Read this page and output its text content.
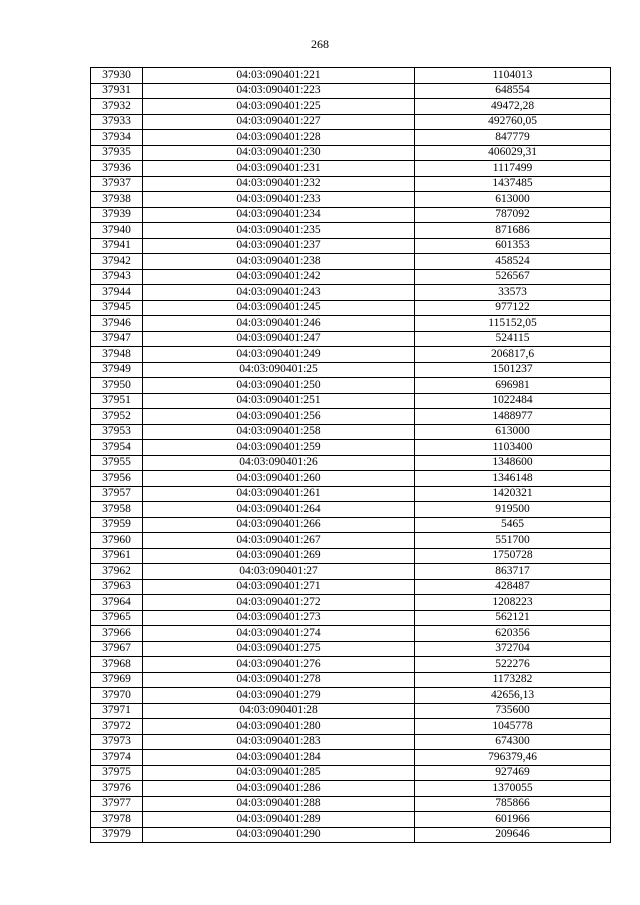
268
37930	04:03:090401:221	1104013
37931	04:03:090401:223	648554
37932	04:03:090401:225	49472,28
37933	04:03:090401:227	492760,05
37934	04:03:090401:228	847779
37935	04:03:090401:230	406029,31
37936	04:03:090401:231	1117499
37937	04:03:090401:232	1437485
37938	04:03:090401:233	613000
37939	04:03:090401:234	787092
37940	04:03:090401:235	871686
37941	04:03:090401:237	601353
37942	04:03:090401:238	458524
37943	04:03:090401:242	526567
37944	04:03:090401:243	33573
37945	04:03:090401:245	977122
37946	04:03:090401:246	115152,05
37947	04:03:090401:247	524115
37948	04:03:090401:249	206817,6
37949	04:03:090401:25	1501237
37950	04:03:090401:250	696981
37951	04:03:090401:251	1022484
37952	04:03:090401:256	1488977
37953	04:03:090401:258	613000
37954	04:03:090401:259	1103400
37955	04:03:090401:26	1348600
37956	04:03:090401:260	1346148
37957	04:03:090401:261	1420321
37958	04:03:090401:264	919500
37959	04:03:090401:266	5465
37960	04:03:090401:267	551700
37961	04:03:090401:269	1750728
37962	04:03:090401:27	863717
37963	04:03:090401:271	428487
37964	04:03:090401:272	1208223
37965	04:03:090401:273	562121
37966	04:03:090401:274	620356
37967	04:03:090401:275	372704
37968	04:03:090401:276	522276
37969	04:03:090401:278	1173282
37970	04:03:090401:279	42656,13
37971	04:03:090401:28	735600
37972	04:03:090401:280	1045778
37973	04:03:090401:283	674300
37974	04:03:090401:284	796379,46
37975	04:03:090401:285	927469
37976	04:03:090401:286	1370055
37977	04:03:090401:288	785866
37978	04:03:090401:289	601966
37979	04:03:090401:290	209646
